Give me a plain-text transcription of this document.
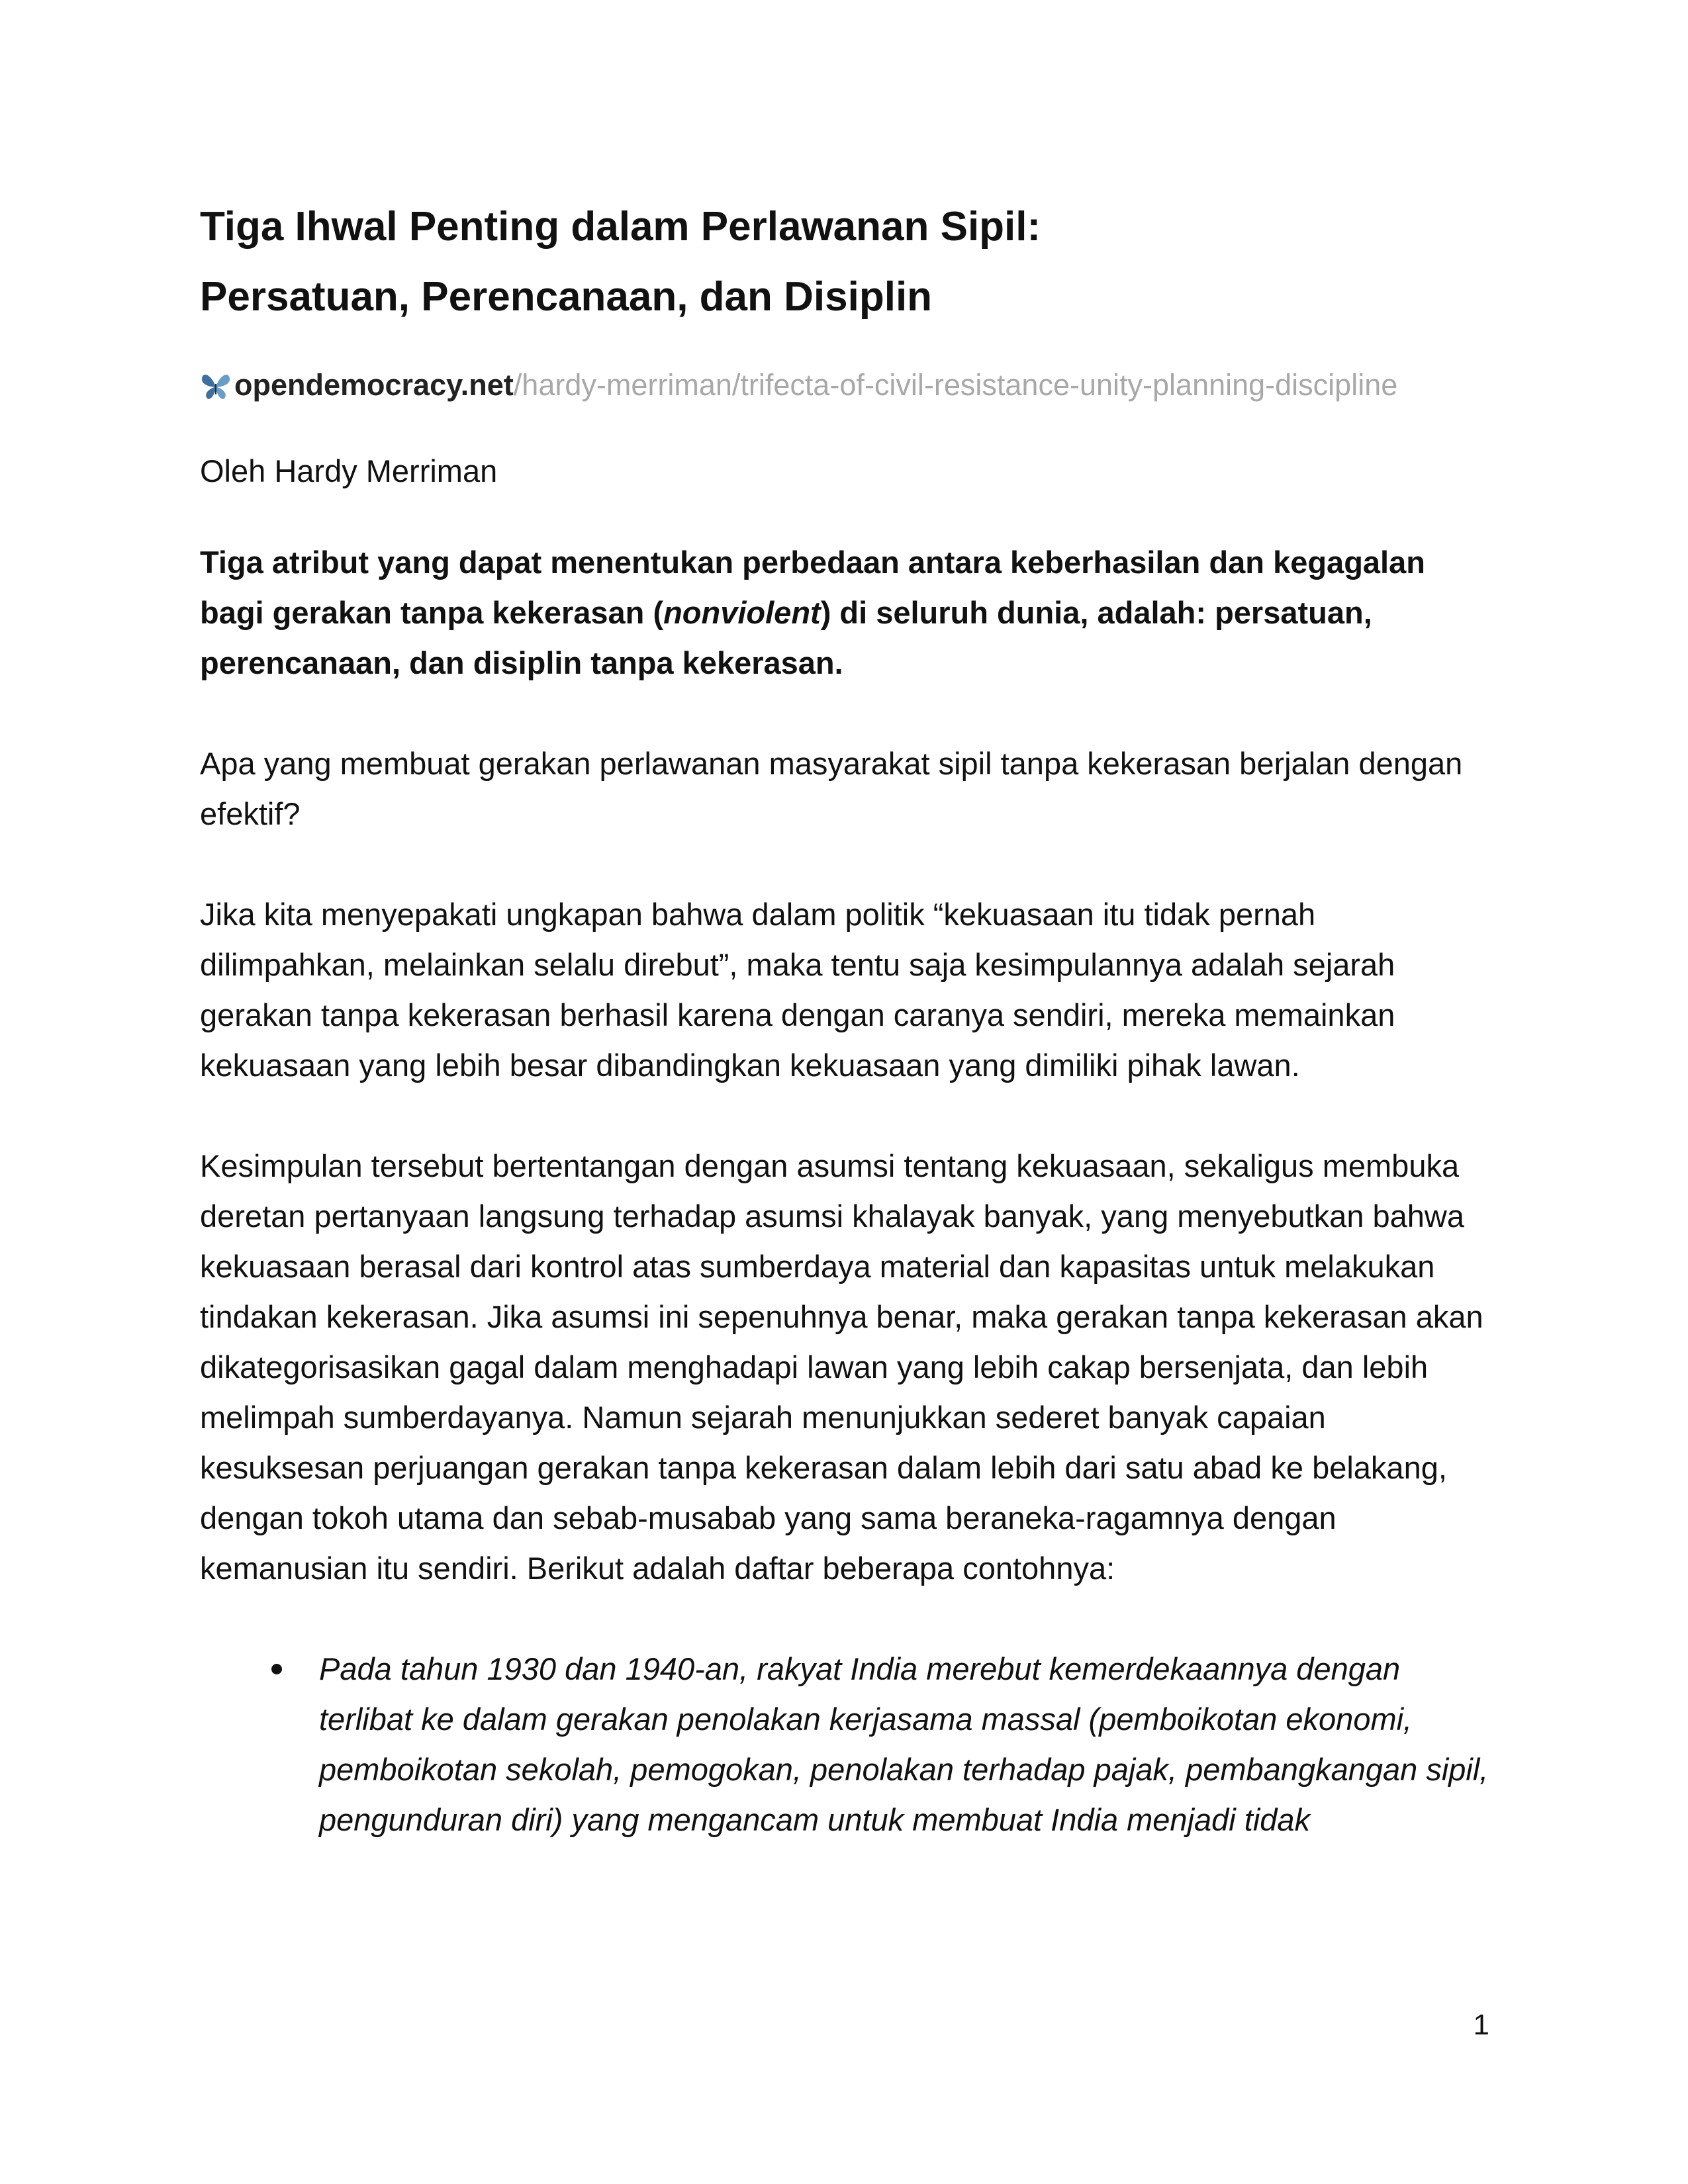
Tiga Ihwal Penting dalam Perlawanan Sipil:
Persatuan, Perencanaan, dan Disiplin
opendemocracy.net /hardy-merriman/trifecta-of-civil-resistance-unity-planning-discipline
Oleh Hardy Merriman

Tiga atribut yang dapat menentukan perbedaan antara keberhasilan dan kegagalan bagi gerakan tanpa kekerasan (nonviolent) di seluruh dunia, adalah: persatuan, perencanaan, dan disiplin tanpa kekerasan.

Apa yang membuat gerakan perlawanan masyarakat sipil tanpa kekerasan berjalan dengan efektif?

Jika kita menyepakati ungkapan bahwa dalam politik “kekuasaan itu tidak pernah dilimpahkan, melainkan selalu direbut”, maka tentu saja kesimpulannya adalah sejarah gerakan tanpa kekerasan berhasil karena dengan caranya sendiri, mereka memainkan kekuasaan yang lebih besar dibandingkan kekuasaan yang dimiliki pihak lawan.

Kesimpulan tersebut bertentangan dengan asumsi tentang kekuasaan, sekaligus membuka deretan pertanyaan langsung terhadap asumsi khalayak banyak, yang menyebutkan bahwa kekuasaan berasal dari kontrol atas sumberdaya material dan kapasitas untuk melakukan tindakan kekerasan. Jika asumsi ini sepenuhnya benar, maka gerakan tanpa kekerasan akan dikategorisasikan gagal dalam menghadapi lawan yang lebih cakap bersenjata, dan lebih melimpah sumberdayanya. Namun sejarah menunjukkan sederet banyak capaian kesuksesan perjuangan gerakan tanpa kekerasan dalam lebih dari satu abad ke belakang, dengan tokoh utama dan sebab-musabab yang sama beraneka-ragamnya dengan kemanusian itu sendiri. Berikut adalah daftar beberapa contohnya:

Pada tahun 1930 dan 1940-an, rakyat India merebut kemerdekaannya dengan terlibat ke dalam gerakan penolakan kerjasama massal (pemboikotan ekonomi, pemboikotan sekolah, pemogokan, penolakan terhadap pajak, pembangkangan sipil, pengunduran diri) yang mengancam untuk membuat India menjadi tidak
1
